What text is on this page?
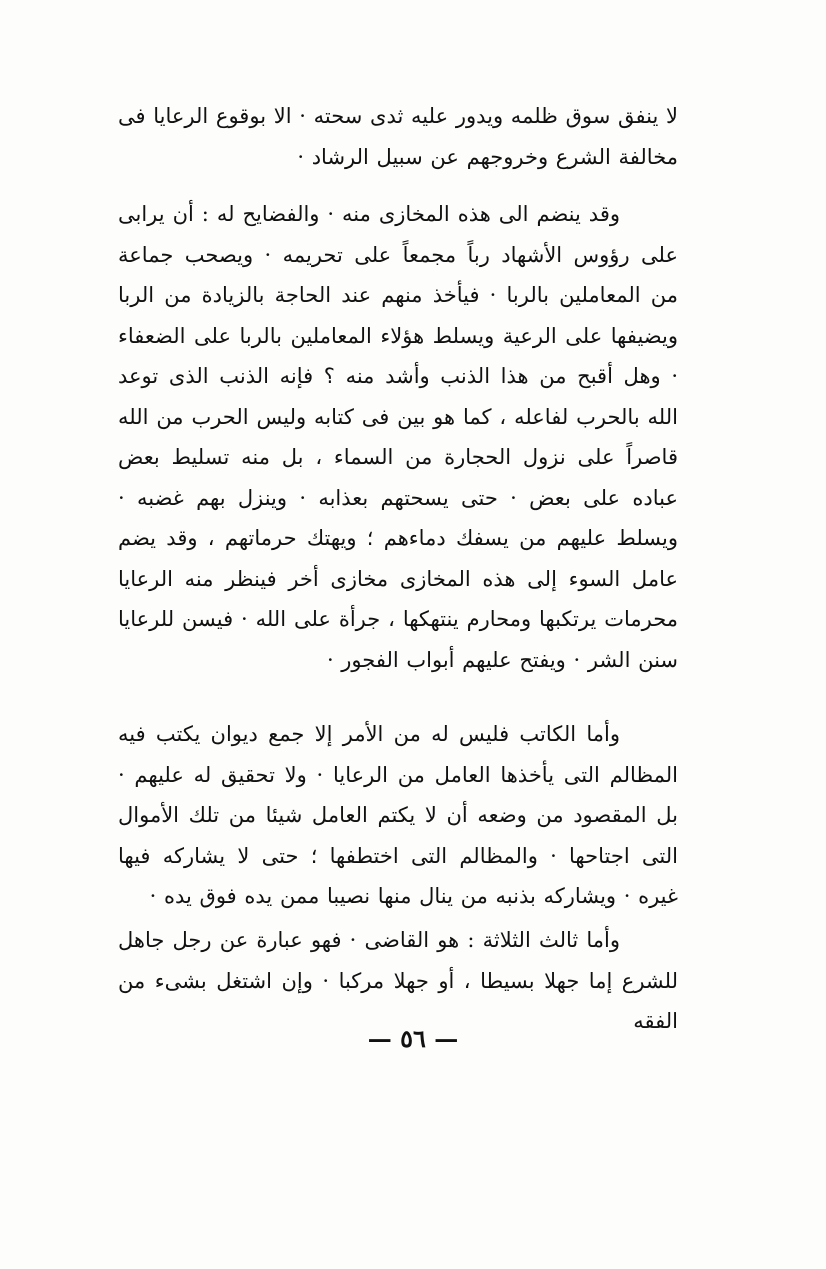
لا ينفق سوق ظلمه ويدور عليه ثدى سحته · الا بوقوع الرعايا فى مخالفة الشرع وخروجهم عن سبيل الرشاد ·

وقد ينضم الى هذه المخازى منه · والفضايح له : أن يرابى على رؤوس الأشهاد رباً مجمعاً على تحريمه · ويصحب جماعة من المعاملين بالربا · فيأخذ منهم عند الحاجة بالزيادة من الربا ويضيفها على الرعية ويسلط هؤلاء المعاملين بالربا على الضعفاء · وهل أقبح من هذا الذنب وأشد منه ؟ فإنه الذنب الذى توعد الله بالحرب لفاعله ، كما هو بين فى كتابه وليس الحرب من الله قاصراً على نزول الحجارة من السماء ، بل منه تسليط بعض عباده على بعض · حتى يسحتهم بعذابه · وينزل بهم غضبه · ويسلط عليهم من يسفك دماءهم ؛ ويهتك حرماتهم ، وقد يضم عامل السوء إلى هذه المخازى مخازى أخر فينظر منه الرعايا محرمات يرتكبها ومحارم ينتهكها ، جرأة على الله · فيسن للرعايا سنن الشر · ويفتح عليهم أبواب الفجور ·

وأما الكاتب فليس له من الأمر إلا جمع ديوان يكتب فيه المظالم التى يأخذها العامل من الرعايا · ولا تحقيق له عليهم · بل المقصود من وضعه أن لا يكتم العامل شيئا من تلك الأموال التى اجتاحها · والمظالم التى اختطفها ؛ حتى لا يشاركه فيها غيره · ويشاركه بذنبه من ينال منها نصيبا ممن يده فوق يده ·

وأما ثالث الثلاثة : هو القاضى · فهو عبارة عن رجل جاهل للشرع إما جهلا بسيطا ، أو جهلا مركبا · وإن اشتغل بشىء من الفقه

— ٥٦ —
